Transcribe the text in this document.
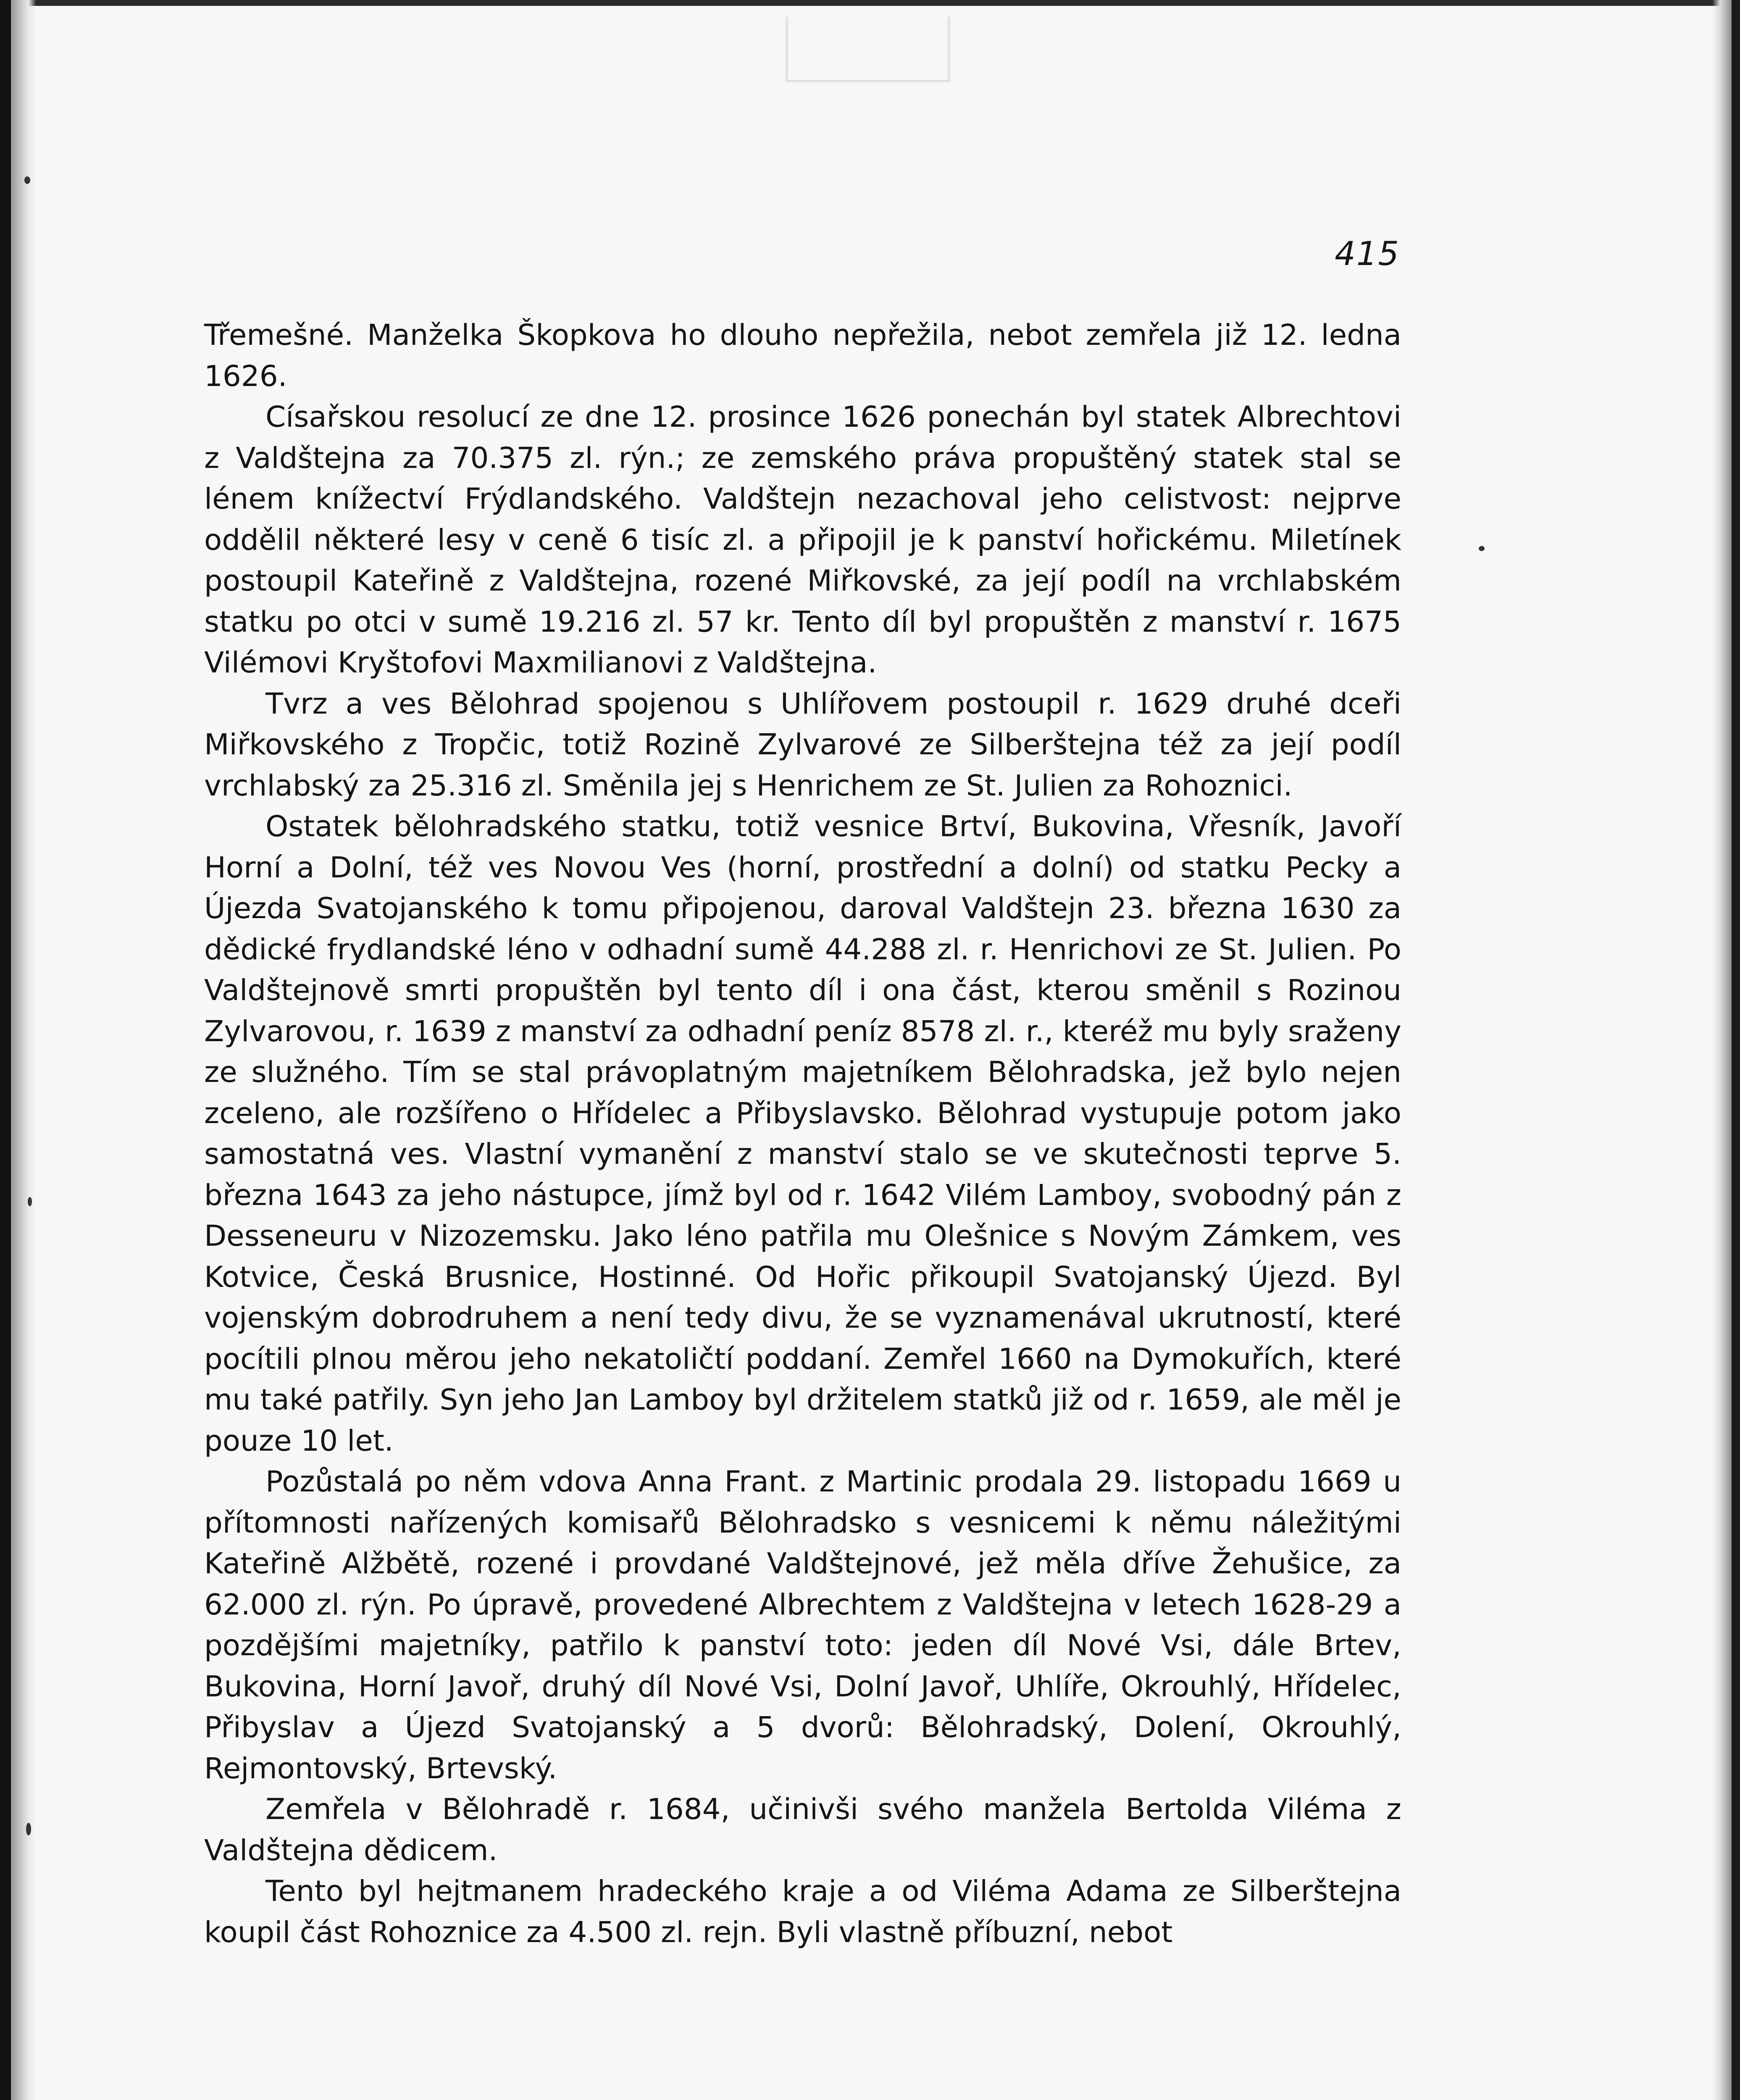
415

Třemešné. Manželka Škopkova ho dlouho nepřežila, nebot zemřela již 12. ledna 1626.

Císařskou resolucí ze dne 12. prosince 1626 ponechán byl statek Albrechtovi z Valdštejna za 70.375 zl. rýn.; ze zemského práva propuštěný statek stal se lénem knížectví Frýdlandského. Valdštejn nezachoval jeho celistvost: nejprve oddělil některé lesy v ceně 6 tisíc zl. a připojil je k panství hořickému. Miletínek postoupil Kateřině z Valdštejna, rozené Miřkovské, za její podíl na vrchlabském statku po otci v sumě 19.216 zl. 57 kr. Tento díl byl propuštěn z manství r. 1675 Vilémovi Kryštofovi Maxmilianovi z Valdštejna.

Tvrz a ves Bělohrad spojenou s Uhlířovem postoupil r. 1629 druhé dceři Miřkovského z Tropčic, totiž Rozině Zylvarové ze Silberštejna též za její podíl vrchlabský za 25.316 zl. Směnila jej s Henrichem ze St. Julien za Rohoznici.

Ostatek bělohradského statku, totiž vesnice Brtví, Bukovina, Vřesník, Javoří Horní a Dolní, též ves Novou Ves (horní, prostřední a dolní) od statku Pecky a Újezda Svatojanského k tomu připojenou, daroval Valdštejn 23. března 1630 za dědické frydlandské léno v odhadní sumě 44.288 zl. r. Henrichovi ze St. Julien. Po Valdštejnově smrti propuštěn byl tento díl i ona část, kterou směnil s Rozinou Zylvarovou, r. 1639 z manství za odhadní peníz 8578 zl. r., kteréž mu byly sraženy ze služného. Tím se stal právoplatným majetníkem Bělohradska, jež bylo nejen zceleno, ale rozšířeno o Hřídelec a Přibyslavsko. Bělohrad vystupuje potom jako samostatná ves. Vlastní vymanění z manství stalo se ve skutečnosti teprve 5. března 1643 za jeho nástupce, jímž byl od r. 1642 Vilém Lamboy, svobodný pán z Desseneuru v Nizozemsku. Jako léno patřila mu Olešnice s Novým Zámkem, ves Kotvice, Česká Brusnice, Hostinné. Od Hořic přikoupil Svatojanský Újezd. Byl vojenským dobrodruhem a není tedy divu, že se vyznamenával ukrutností, které pocítili plnou měrou jeho nekatoličtí poddaní. Zemřel 1660 na Dymokuřích, které mu také patřily. Syn jeho Jan Lamboy byl držitelem statků již od r. 1659, ale měl je pouze 10 let.

Pozůstalá po něm vdova Anna Frant. z Martinic prodala 29. listopadu 1669 u přítomnosti nařízených komisařů Bělohradsko s vesnicemi k němu náležitými Kateřině Alžbětě, rozené i provdané Valdštejnové, jež měla dříve Žehušice, za 62.000 zl. rýn. Po úpravě, provedené Albrechtem z Valdštejna v letech 1628-29 a pozdějšími majetníky, patřilo k panství toto: jeden díl Nové Vsi, dále Brtev, Bukovina, Horní Javoř, druhý díl Nové Vsi, Dolní Javoř, Uhlíře, Okrouhlý, Hřídelec, Přibyslav a Újezd Svatojanský a 5 dvorů: Bělohradský, Dolení, Okrouhlý, Rejmontovský, Brtevský.

Zemřela v Bělohradě r. 1684, učinivši svého manžela Bertolda Viléma z Valdštejna dědicem.

Tento byl hejtmanem hradeckého kraje a od Viléma Adama ze Silberštejna koupil část Rohoznice za 4.500 zl. rejn. Byli vlastně příbuzní, nebot
